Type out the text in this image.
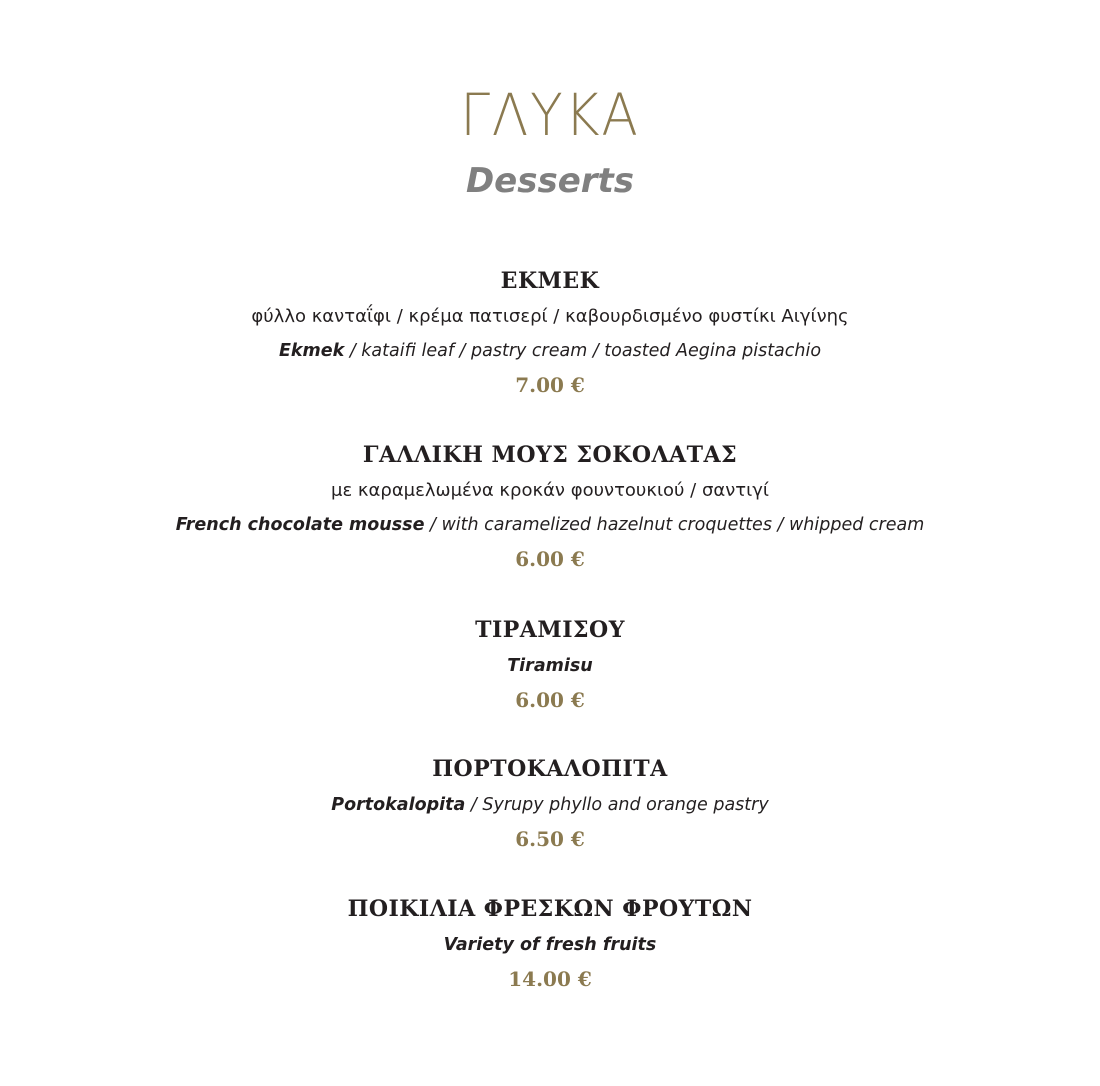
ΓΛΥΚΑ
Desserts
ΕΚΜΕΚ
φύλλο κανταΐφι / κρέμα πατισερί / καβουρδισμένο φυστίκι Αιγίνης
Ekmek / kataifi leaf / pastry cream / toasted Aegina pistachio
7.00 €
ΓΑΛΛΙΚΗ ΜΟΥΣ ΣΟΚΟΛΑΤΑΣ
με καραμελωμένα κροκάν φουντουκιού / σαντιγί
French chocolate mousse / with caramelized hazelnut croquettes / whipped cream
6.00 €
ΤΙΡΑΜΙΣΟΥ
Tiramisu
6.00 €
ΠΟΡΤΟΚΑΛΟΠΙΤΑ
Portokalopita / Syrupy phyllo and orange pastry
6.50 €
ΠΟΙΚΙΛΙΑ ΦΡΕΣΚΩΝ ΦΡΟΥΤΩΝ
Variety of fresh fruits
14.00 €
